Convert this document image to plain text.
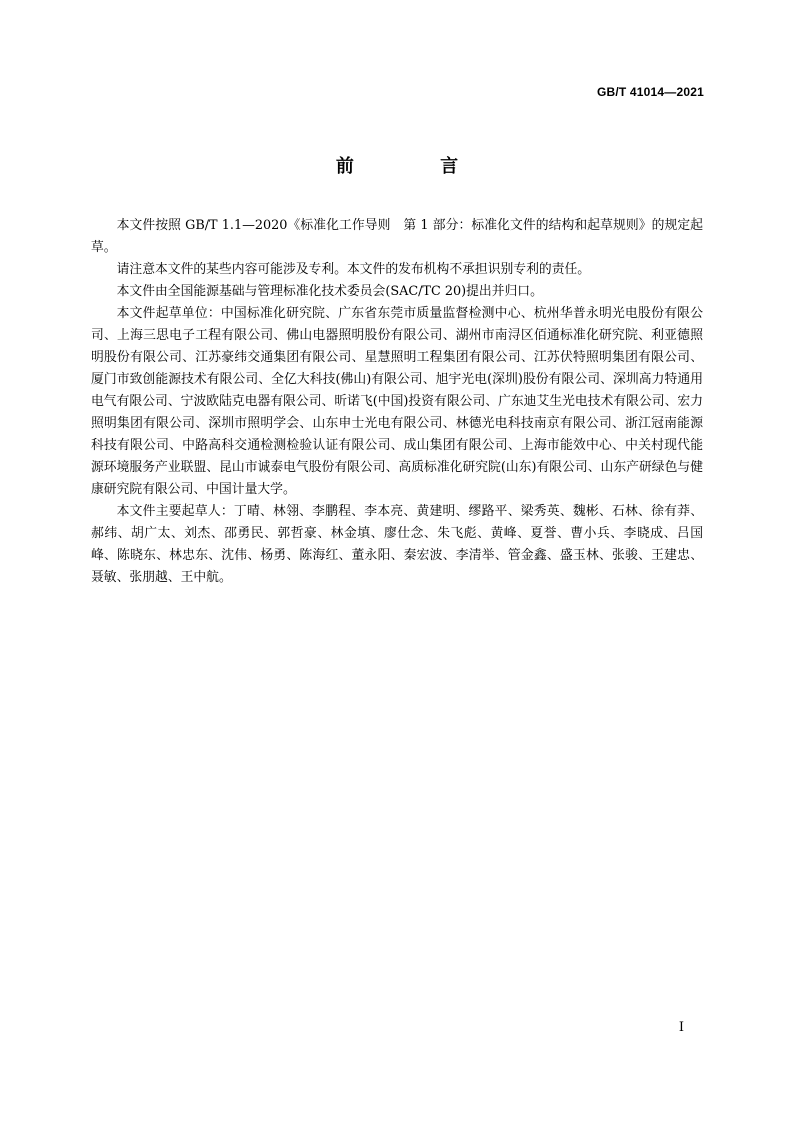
GB/T 41014—2021
前 言

本文件按照 GB/T 1.1—2020《标准化工作导则　第 1 部分：标准化文件的结构和起草规则》的规定起草。

请注意本文件的某些内容可能涉及专利。本文件的发布机构不承担识别专利的责任。

本文件由全国能源基础与管理标准化技术委员会(SAC/TC 20)提出并归口。

本文件起草单位：中国标准化研究院、广东省东莞市质量监督检测中心、杭州华普永明光电股份有限公司、上海三思电子工程有限公司、佛山电器照明股份有限公司、湖州市南浔区佰通标准化研究院、利亚德照明股份有限公司、江苏豪纬交通集团有限公司、星慧照明工程集团有限公司、江苏伏特照明集团有限公司、厦门市致创能源技术有限公司、全亿大科技(佛山)有限公司、旭宇光电(深圳)股份有限公司、深圳高力特通用电气有限公司、宁波欧陆克电器有限公司、昕诺飞(中国)投资有限公司、广东迪艾生光电技术有限公司、宏力照明集团有限公司、深圳市照明学会、山东申士光电有限公司、林德光电科技南京有限公司、浙江冠南能源科技有限公司、中路高科交通检测检验认证有限公司、成山集团有限公司、上海市能效中心、中关村现代能源环境服务产业联盟、昆山市诚泰电气股份有限公司、高质标准化研究院(山东)有限公司、山东产研绿色与健康研究院有限公司、中国计量大学。

本文件主要起草人：丁晴、林翎、李鹏程、李本亮、黄建明、缪路平、梁秀英、魏彬、石林、徐有莽、郝纬、胡广太、刘杰、邵勇民、郭哲豪、林金填、廖仕念、朱飞彪、黄峰、夏誉、曹小兵、李晓成、吕国峰、陈晓东、林忠东、沈伟、杨勇、陈海红、董永阳、秦宏波、李清举、管金鑫、盛玉林、张骏、王建忠、聂敏、张朋越、王中航。

I
